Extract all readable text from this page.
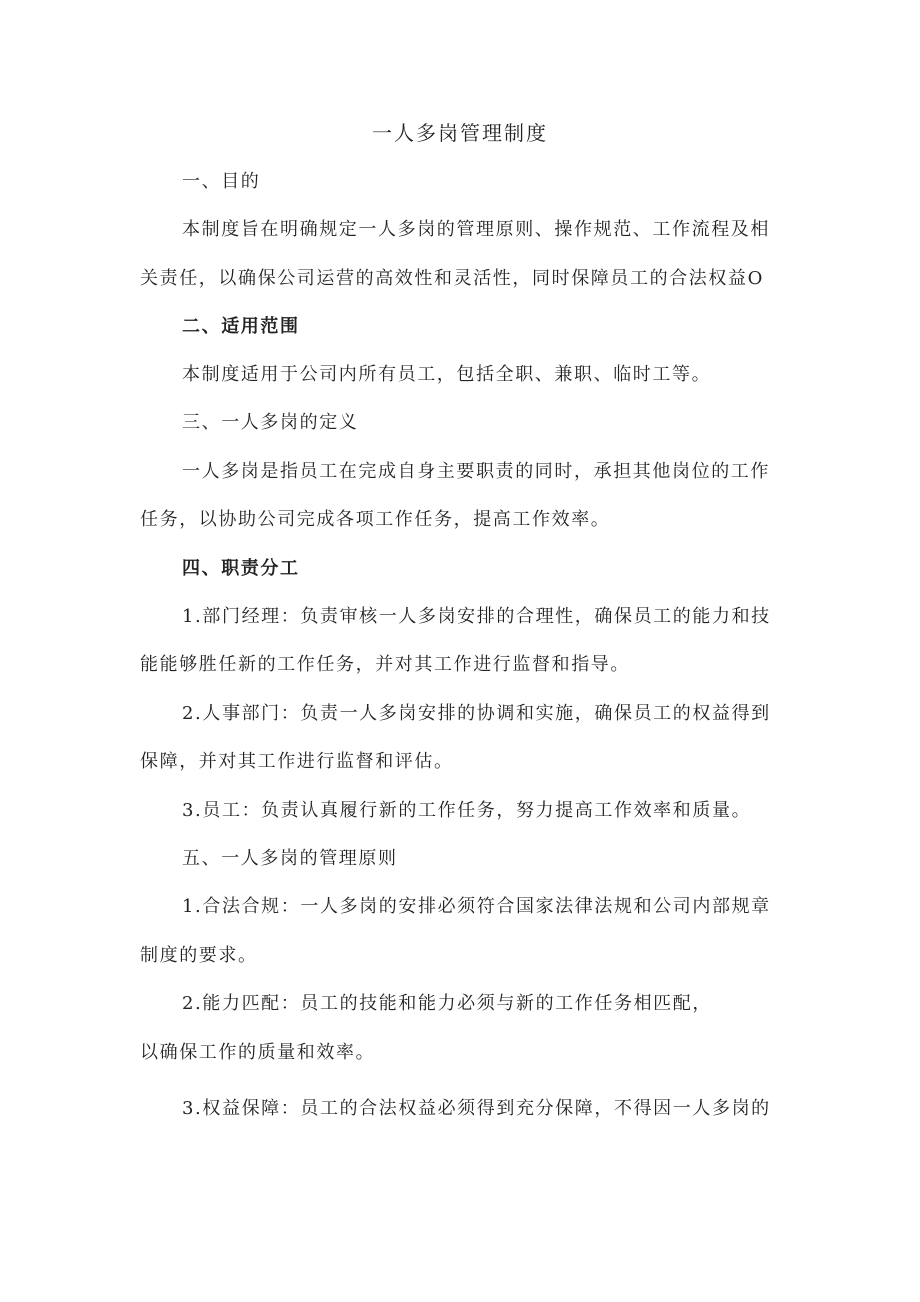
一人多岗管理制度
一、目的
本制度旨在明确规定一人多岗的管理原则、操作规范、工作流程及相
关责任，以确保公司运营的高效性和灵活性，同时保障员工的合法权益O
二、适用范围
本制度适用于公司内所有员工，包括全职、兼职、临时工等。
三、一人多岗的定义
一人多岗是指员工在完成自身主要职责的同时，承担其他岗位的工作
任务，以协助公司完成各项工作任务，提高工作效率。
四、职责分工
1.部门经理：负责审核一人多岗安排的合理性，确保员工的能力和技
能能够胜任新的工作任务，并对其工作进行监督和指导。
2.人事部门：负责一人多岗安排的协调和实施，确保员工的权益得到
保障，并对其工作进行监督和评估。
3.员工：负责认真履行新的工作任务，努力提高工作效率和质量。
五、一人多岗的管理原则
1.合法合规：一人多岗的安排必须符合国家法律法规和公司内部规章
制度的要求。
2.能力匹配：员工的技能和能力必须与新的工作任务相匹配，
以确保工作的质量和效率。
3.权益保障：员工的合法权益必须得到充分保障，不得因一人多岗的
